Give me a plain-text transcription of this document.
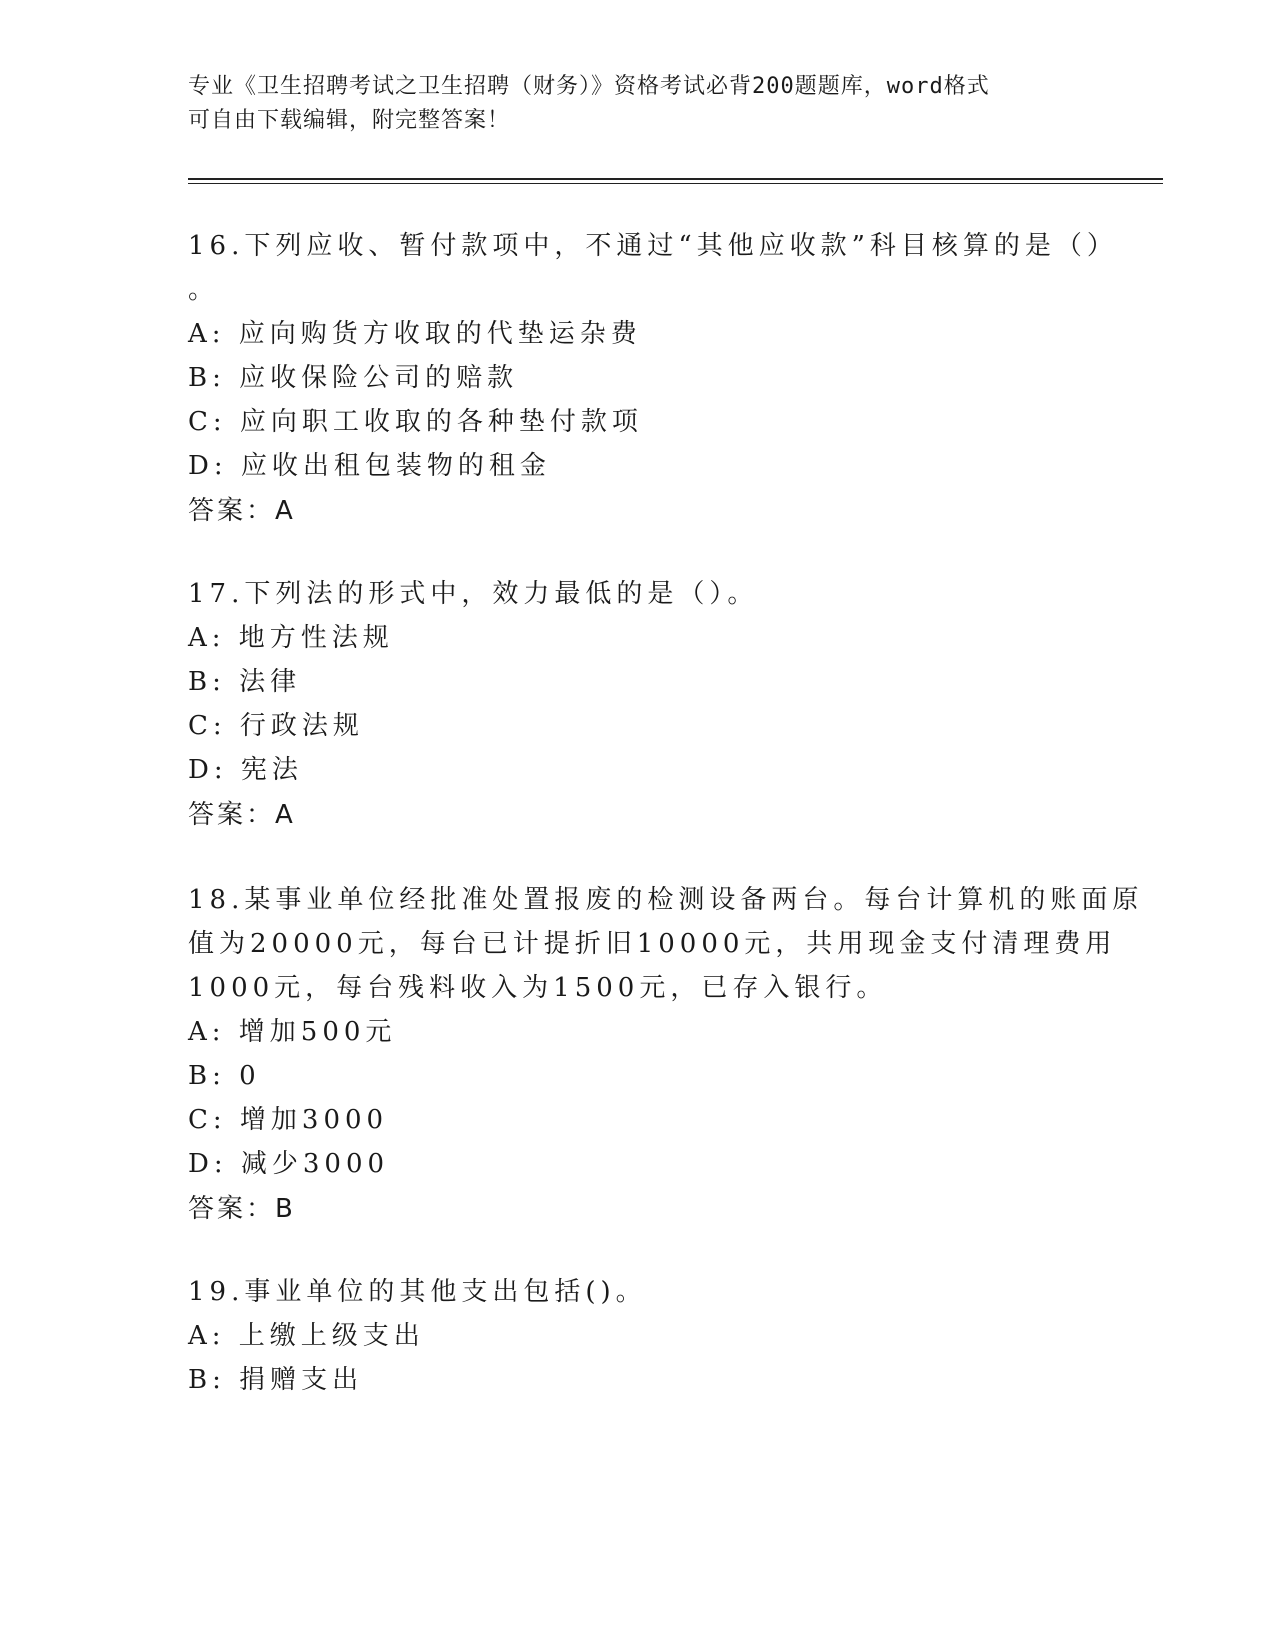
专业《卫生招聘考试之卫生招聘（财务）》资格考试必背200题题库，word格式
可自由下载编辑，附完整答案！
16.下列应收、暂付款项中，不通过“其他应收款”科目核算的是（）
。
A: 应向购货方收取的代垫运杂费
B: 应收保险公司的赔款
C: 应向职工收取的各种垫付款项
D: 应收出租包装物的租金
答案：A
17.下列法的形式中，效力最低的是（）。
A: 地方性法规
B: 法律
C: 行政法规
D: 宪法
答案：A
18.某事业单位经批准处置报废的检测设备两台。每台计算机的账面原
值为20000元，每台已计提折旧10000元，共用现金支付清理费用
1000元，每台残料收入为1500元，已存入银行。
A: 增加500元
B: 0
C: 增加3000
D: 减少3000
答案：B
19.事业单位的其他支出包括()。
A: 上缴上级支出
B: 捐赠支出
